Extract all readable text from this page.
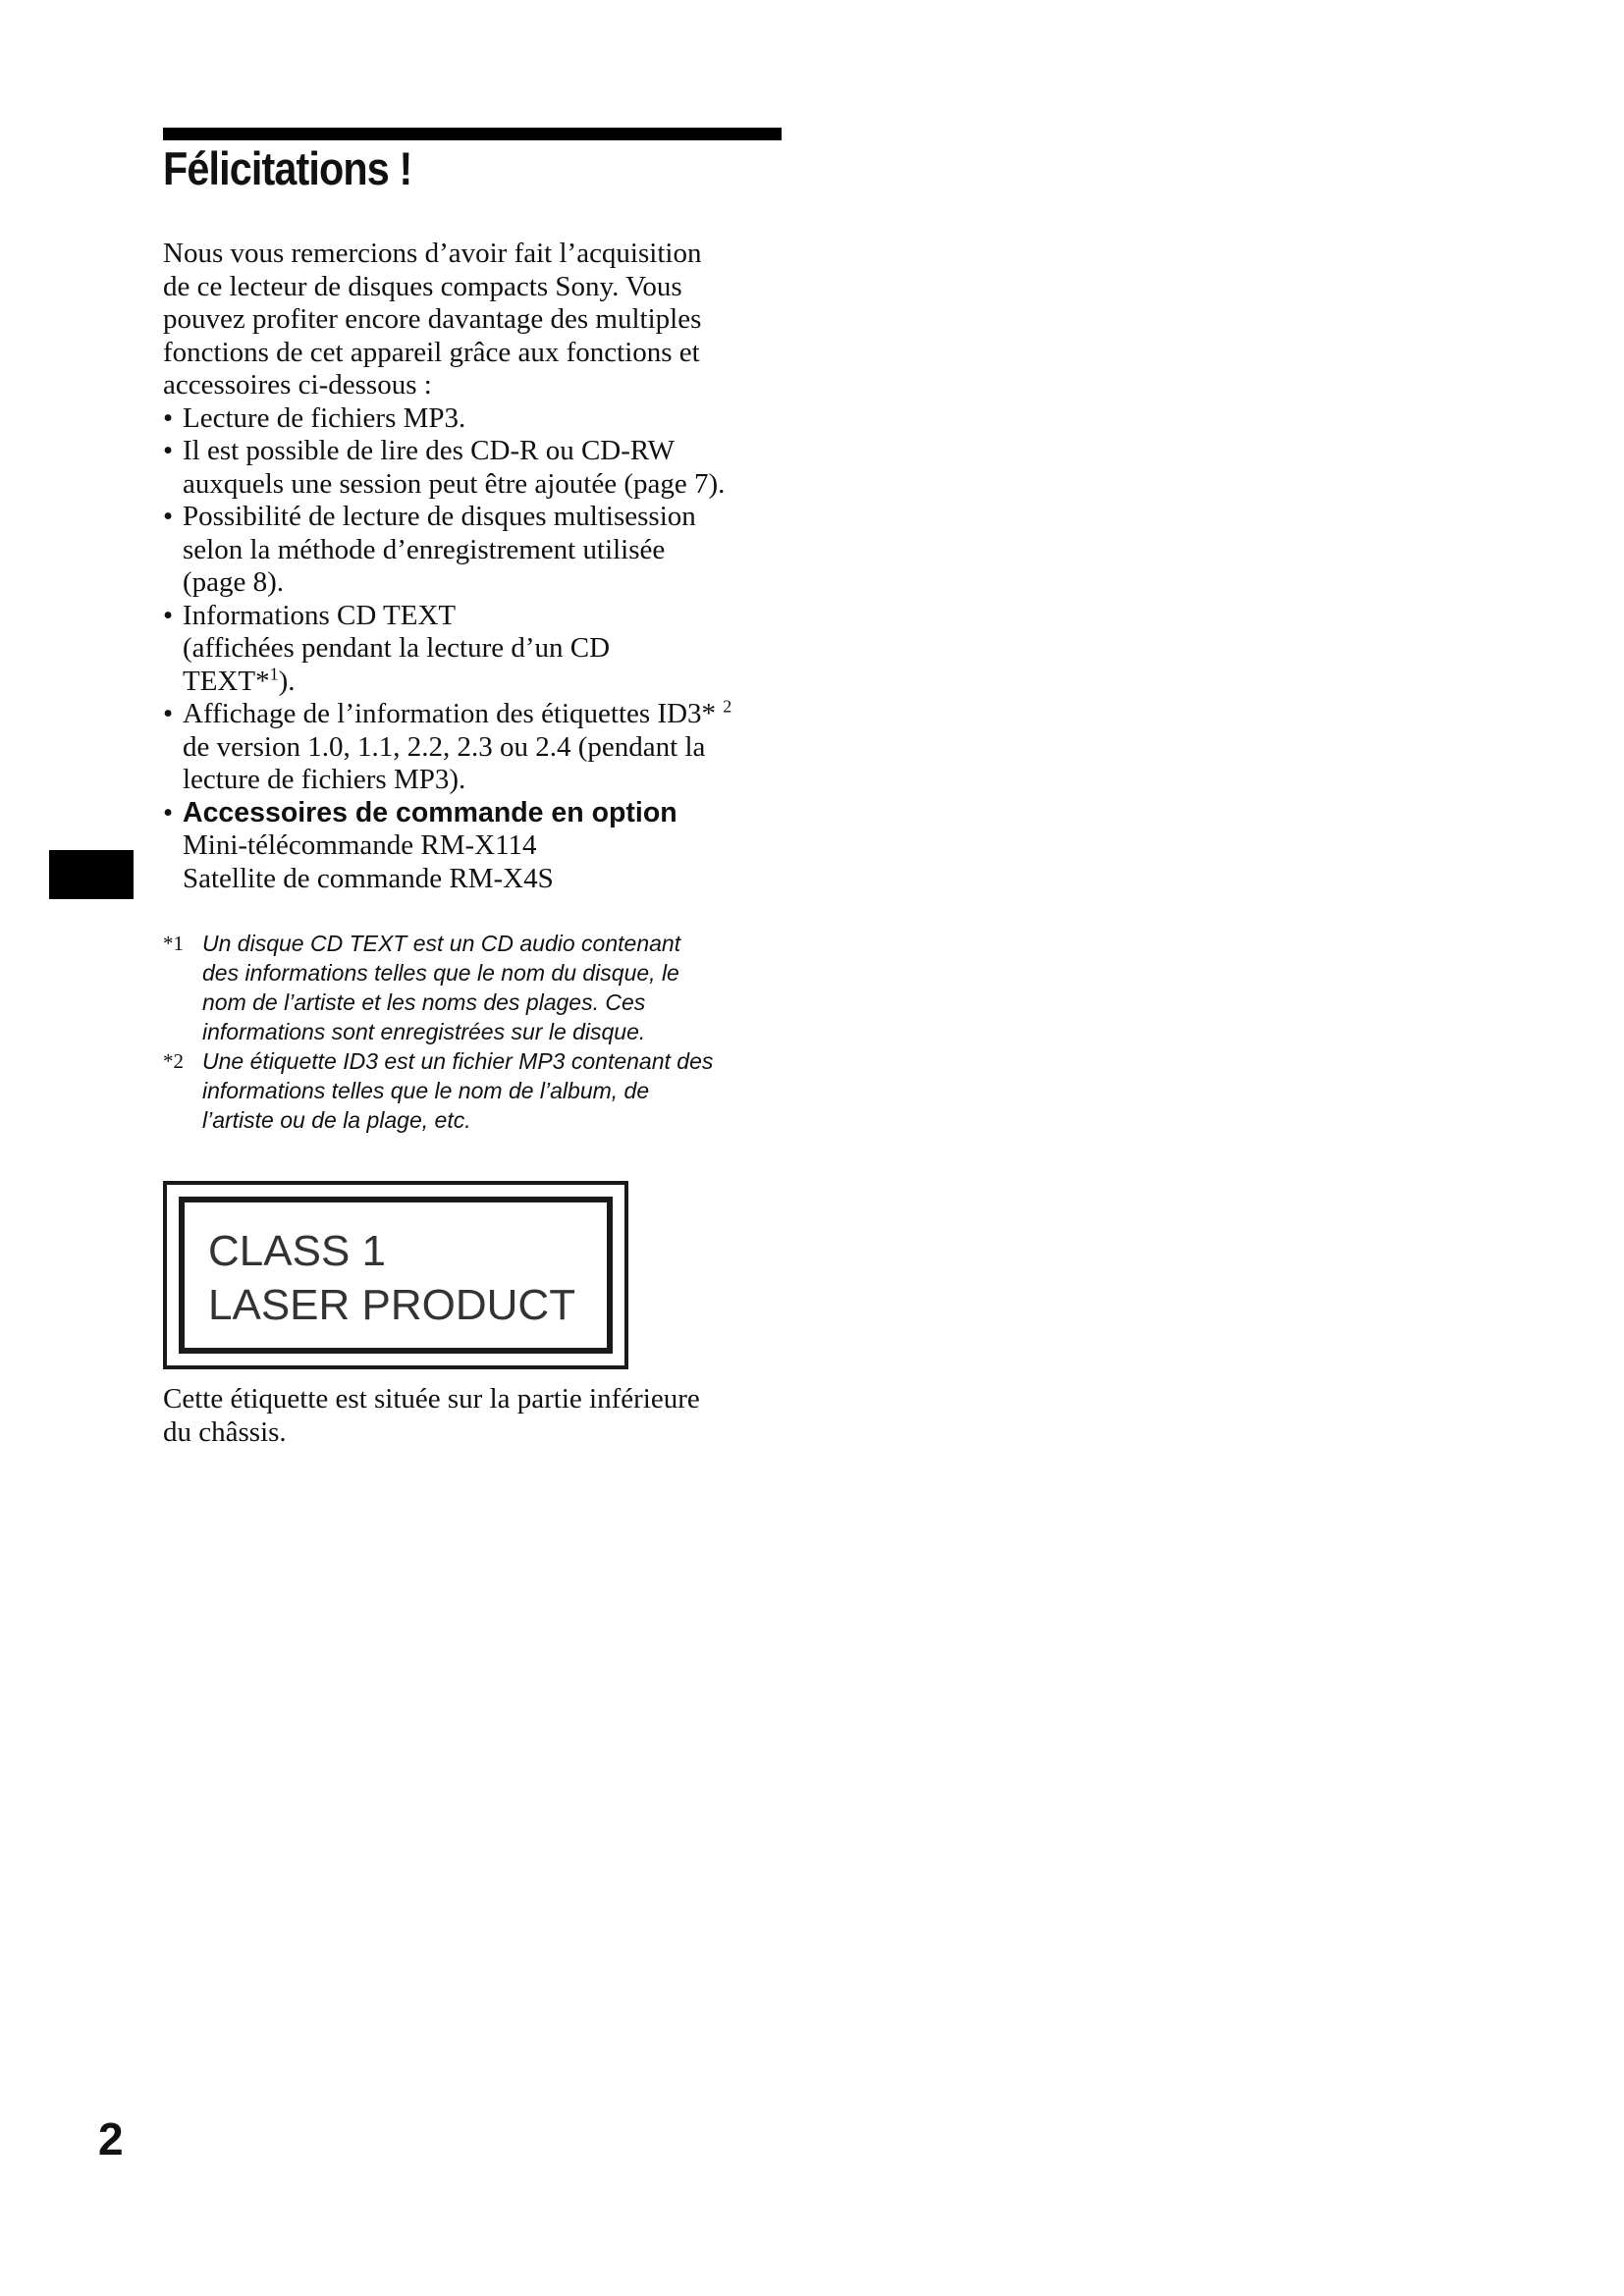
Félicitations !

Nous vous remercions d’avoir fait l’acquisition
de ce lecteur de disques compacts Sony. Vous
pouvez profiter encore davantage des multiples
fonctions de cet appareil grâce aux fonctions et
accessoires ci-dessous :

• Lecture de fichiers MP3.
• Il est possible de lire des CD-R ou CD-RW
auxquels une session peut être ajoutée (page 7).
• Possibilité de lecture de disques multisession
selon la méthode d’enregistrement utilisée
(page 8).
• Informations CD TEXT
(affichées pendant la lecture d’un CD
TEXT*$^1$).
• Affichage de l’information des étiquettes ID3* $^2$
de version 1.0, 1.1, 2.2, 2.3 ou 2.4 (pendant la
lecture de fichiers MP3).
• Accessoires de commande en option
Mini-télécommande RM-X114
Satellite de commande RM-X4S
*1 Un disque CD TEXT est un CD audio contenant
des informations telles que le nom du disque, le
nom de l’artiste et les noms des plages. Ces
informations sont enregistrées sur le disque.
*2 Une étiquette ID3 est un fichier MP3 contenant des
informations telles que le nom de l’album, de
l’artiste ou de la plage, etc.
CLASS 1
LASER PRODUCT

Cette étiquette est située sur la partie inférieure
du châssis.

2
